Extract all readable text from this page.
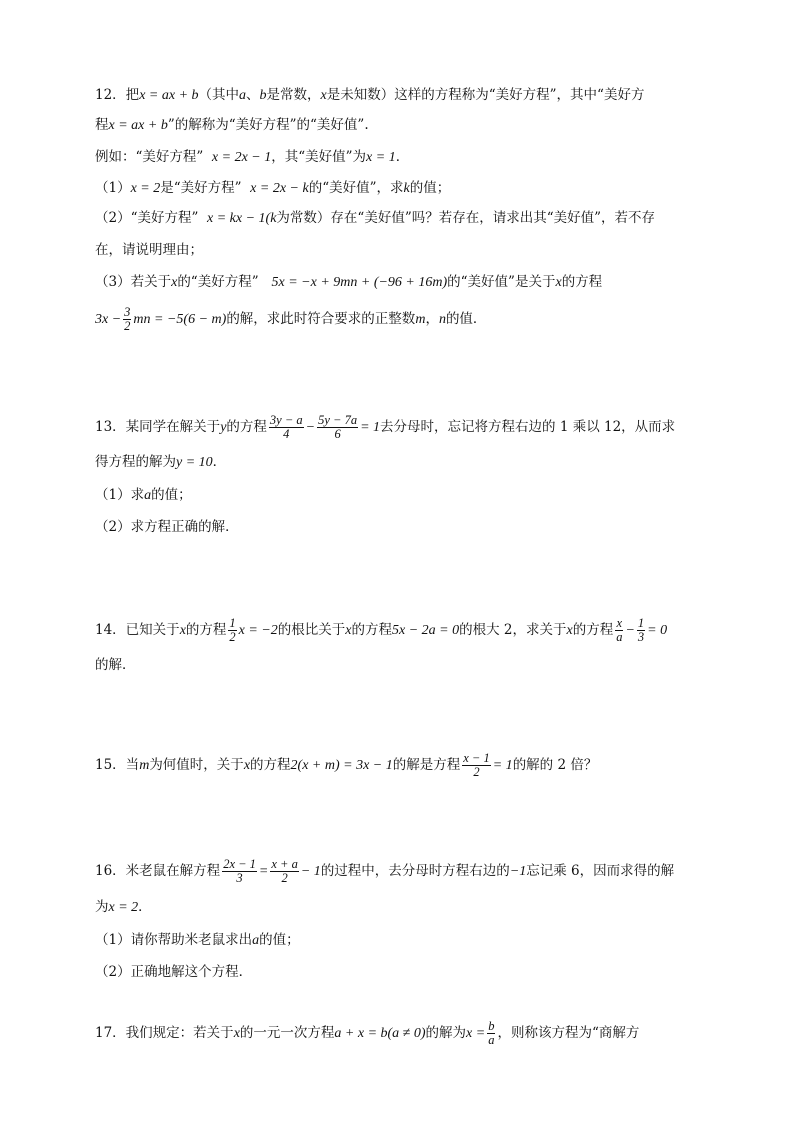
12．把x = ax + b（其中a、b是常数，x是未知数）这样的方程称为“美好方程”，其中“美好方
程x = ax + b”的解称为“美好方程”的“美好值”.
例如：“美好方程” x = 2x − 1，其“美好值”为x = 1．
（1）x = 2是“美好方程” x = 2x − k的“美好值”，求k的值；
（2）“美好方程” x = kx − 1(k为常数）存在“美好值”吗？若存在，请求出其“美好值”，若不存
在，请说明理由；
（3）若关于x的“美好方程” 5x = −x + 9mn + (−96 + 16m)的“美好值”是关于x的方程
$3x - \frac{3}{2}$ mn = −5(6 − m)的解，求此时符合要求的正整数m，n的值．
13．某同学在解关于y的方程 $\frac{3y - a}{4} - \frac{5y - 7a}{6} = 1$去分母时，忘记将方程右边的 1 乘以 12，从而求
得方程的解为y = 10．
（1）求a的值；
（2）求方程正确的解．
14．已知关于x的方程 $\frac{1}{2}$ x = −2的根比关于x的方程5x − 2a = 0的根大 2，求关于x的方程 $\frac{x}{a} - \frac{1}{3} = 0$
的解．
15．当m为何值时，关于x的方程2(x + m) = 3x − 1的解是方程 $\frac{x - 1}{2} = 1$的解的 2 倍？
16．米老鼠在解方程 $\frac{2x - 1}{3} = \frac{x + a}{2} - 1$的过程中，去分母时方程右边的−1忘记乘 6，因而求得的解
为x = 2．
（1）请你帮助米老鼠求出a的值；
（2）正确地解这个方程．
17．我们规定：若关于x的一元一次方程a + x = b(a ≠ 0)的解为$x = \frac{b}{a}$ ，则称该方程为“商解方
